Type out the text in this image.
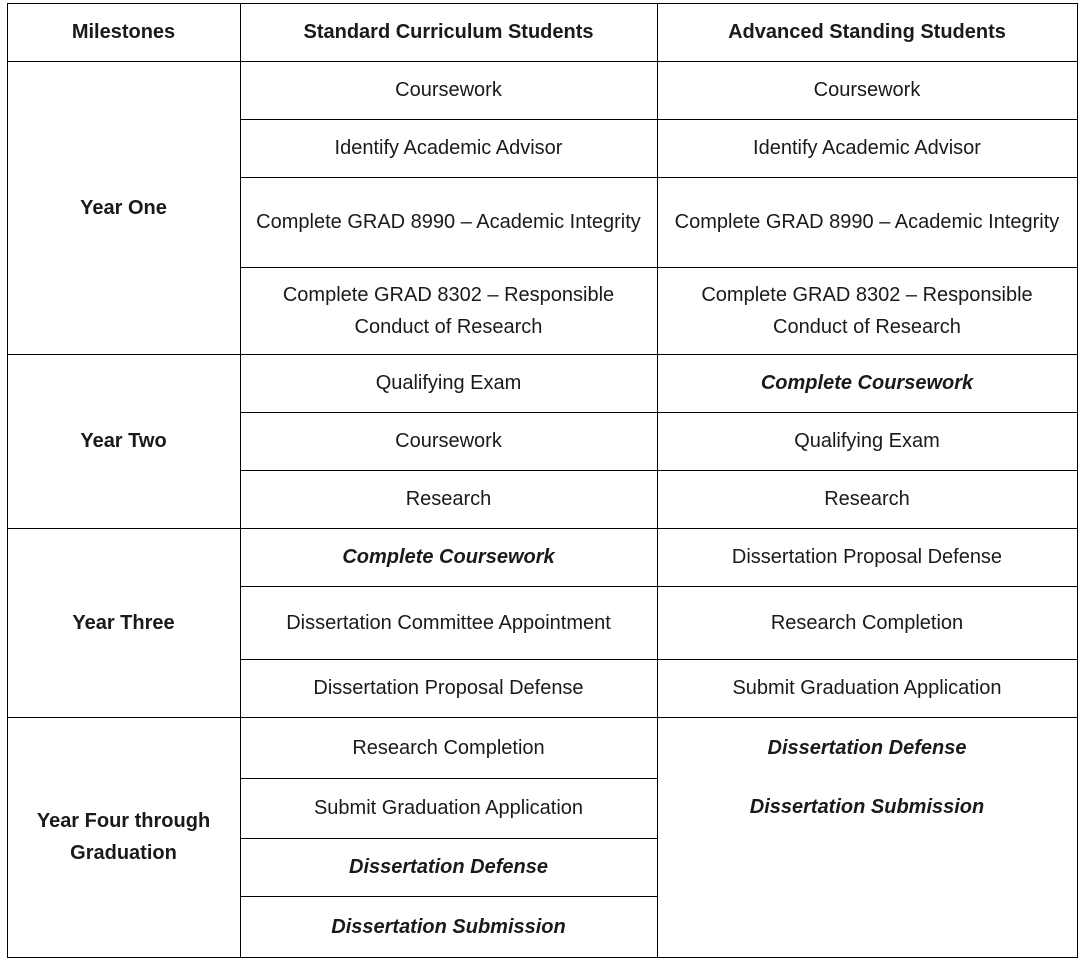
Milestones	Standard Curriculum Students	Advanced Standing Students
Year One
Coursework
Identify Academic Advisor
Complete GRAD 8990 – Academic Integrity
Complete GRAD 8302 – Responsible Conduct of Research
Coursework
Identify Academic Advisor
Complete GRAD 8990 – Academic Integrity
Complete GRAD 8302 – Responsible Conduct of Research
Year Two
Qualifying Exam
Coursework
Research
Complete Coursework
Qualifying Exam
Research
Year Three
Complete Coursework
Dissertation Committee Appointment
Dissertation Proposal Defense
Dissertation Proposal Defense
Research Completion
Submit Graduation Application
Year Four through Graduation
Research Completion
Submit Graduation Application
Dissertation Defense
Dissertation Submission
Dissertation Defense
Dissertation Submission
